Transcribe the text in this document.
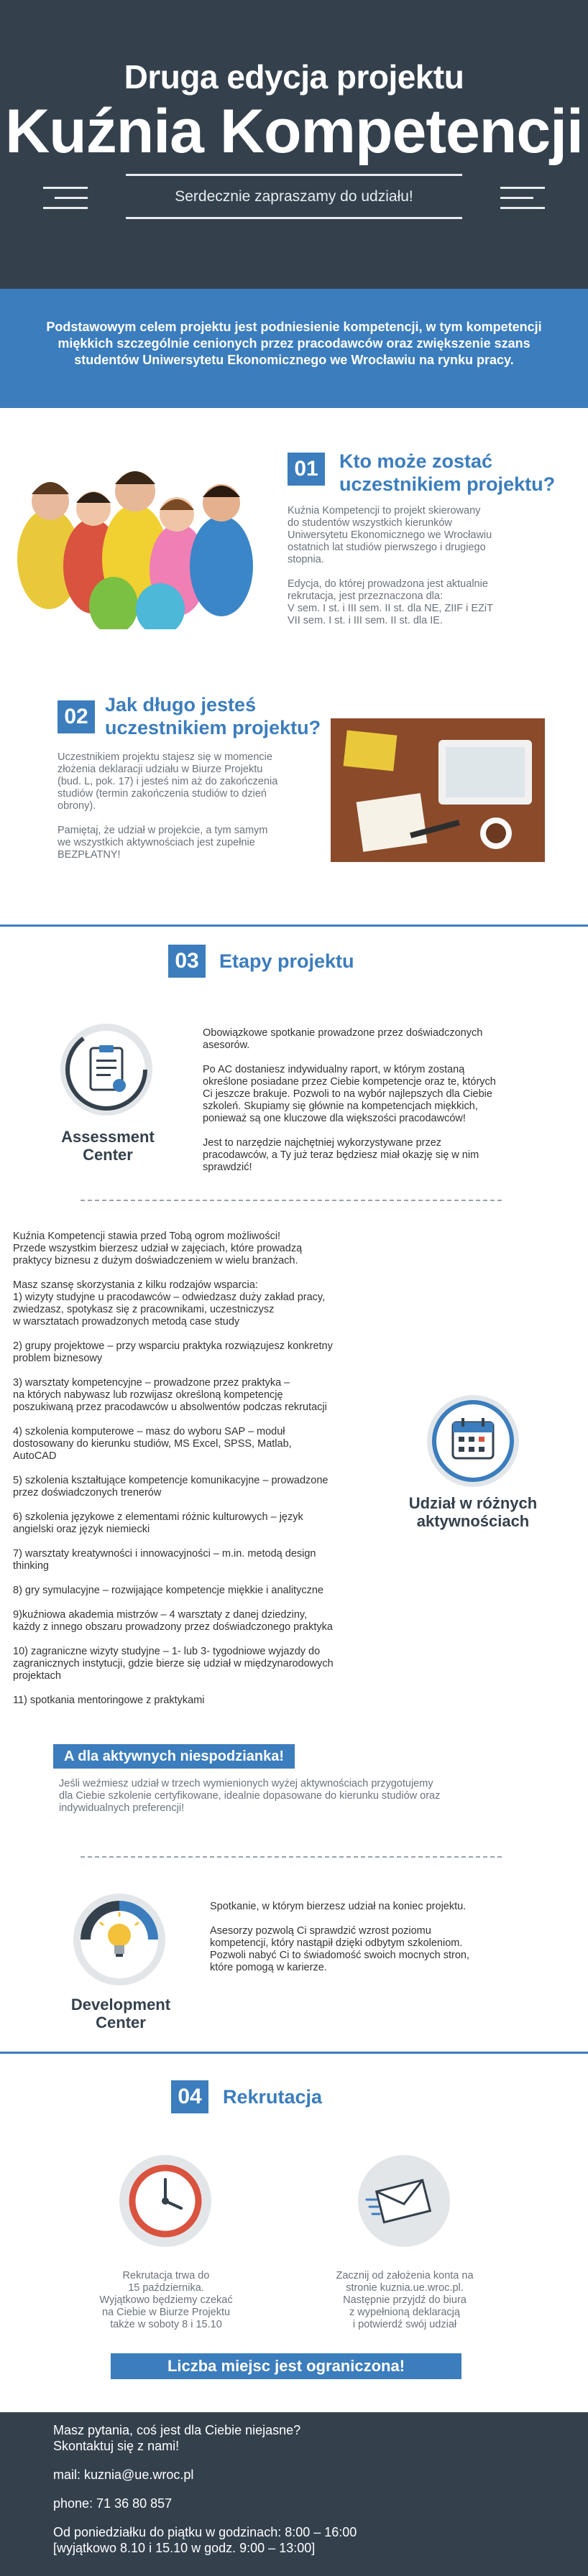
Druga edycja projektu
Kuźnia Kompetencji
Serdecznie zapraszamy do udziału!

Podstawowym celem projektu jest podniesienie kompetencji, w tym kompetencji
miękkich szczególnie cenionych przez pracodawców oraz zwiększenie szans
studentów Uniwersytetu Ekonomicznego we Wrocławiu na rynku pracy.

01	Kto może zostać
uczestnikiem projektu?
Kuźnia Kompetencji to projekt skierowany
do studentów wszystkich kierunków
Uniwersytetu Ekonomicznego we Wrocławiu
ostatnich lat studiów pierwszego i drugiego
stopnia.

Edycja, do której prowadzona jest aktualnie
rekrutacja, jest przeznaczona dla:
V sem. I st. i III sem. II st. dla NE, ZIIF i EZiT
VII sem. I st. i III sem. II st. dla IE.
02 Jak długo jesteś
uczestnikiem projektu?
Uczestnikiem projektu stajesz się w momencie
złożenia deklaracji udziału w Biurze Projektu
(bud. L, pok. 17) i jesteś nim aż do zakończenia
studiów (termin zakończenia studiów to dzień
obrony).

Pamiętaj, że udział w projekcie, a tym samym
we wszystkich aktywnościach jest zupełnie
BEZPŁATNY!
03	Etapy projektu
Assessment
Center
Obowiązkowe spotkanie prowadzone przez doświadczonych
asesorów.

Po AC dostaniesz indywidualny raport, w którym zostaną
określone posiadane przez Ciebie kompetencje oraz te, których
Ci jeszcze brakuje. Pozwoli to na wybór najlepszych dla Ciebie
szkoleń. Skupiamy się głównie na kompetencjach miękkich,
ponieważ są one kluczowe dla większości pracodawców!

Jest to narzędzie najchętniej wykorzystywane przez
pracodawców, a Ty już teraz będziesz miał okazję się w nim
sprawdzić!
Kuźnia Kompetencji stawia przed Tobą ogrom możliwości!
Przede wszystkim bierzesz udział w zajęciach, które prowadzą
praktycy biznesu z dużym doświadczeniem w wielu branżach.

Masz szansę skorzystania z kilku rodzajów wsparcia:
1) wizyty studyjne u pracodawców – odwiedzasz duży zakład pracy,
zwiedzasz, spotykasz się z pracownikami, uczestniczysz
w warsztatach prowadzonych metodą case study

2) grupy projektowe – przy wsparciu praktyka rozwiązujesz konkretny
problem biznesowy

3) warsztaty kompetencyjne – prowadzone przez praktyka –
na których nabywasz lub rozwijasz określoną kompetencję
poszukiwaną przez pracodawców u absolwentów podczas rekrutacji

4) szkolenia komputerowe – masz do wyboru SAP – moduł
dostosowany do kierunku studiów, MS Excel, SPSS, Matlab,
AutoCAD

5) szkolenia kształtujące kompetencje komunikacyjne – prowadzone
przez doświadczonych trenerów

6) szkolenia językowe z elementami różnic kulturowych – język
angielski oraz język niemiecki

7) warsztaty kreatywności i innowacyjności – m.in. metodą design
thinking

8) gry symulacyjne – rozwijające kompetencje miękkie i analityczne

9)kuźniowa akademia mistrzów – 4 warsztaty z danej dziedziny,
każdy z innego obszaru prowadzony przez doświadczonego praktyka

10) zagraniczne wizyty studyjne – 1- lub 3- tygodniowe wyjazdy do
zagranicznych instytucji, gdzie bierze się udział w międzynarodowych
projektach

11) spotkania mentoringowe z praktykami
Udział w różnych
aktywnościach
A dla aktywnych niespodzianka!
Jeśli weźmiesz udział w trzech wymienionych wyżej aktywnościach przygotujemy
dla Ciebie szkolenie certyfikowane, idealnie dopasowane do kierunku studiów oraz
indywidualnych preferencji!
Development
Center
Spotkanie, w którym bierzesz udział na koniec projektu.

Asesorzy pozwolą Ci sprawdzić wzrost poziomu
kompetencji, który nastąpił dzięki odbytym szkoleniom.
Pozwoli nabyć Ci to świadomość swoich mocnych stron,
które pomogą w karierze.
04	Rekrutacja
Rekrutacja trwa do
15 października.
Wyjątkowo będziemy czekać
na Ciebie w Biurze Projektu
także w soboty 8 i 15.10
Zacznij od założenia konta na
stronie kuznia.ue.wroc.pl.
Następnie przyjdź do biura
z wypełnioną deklaracją
i potwierdź swój udział
Liczba miejsc jest ograniczona!

Masz pytania, coś jest dla Ciebie niejasne?
Skontaktuj się z nami!

mail: kuznia@ue.wroc.pl

phone: 71 36 80 857

Od poniedziałku do piątku w godzinach: 8:00 – 16:00
[wyjątkowo 8.10 i 15.10 w godz. 9:00 – 13:00]
